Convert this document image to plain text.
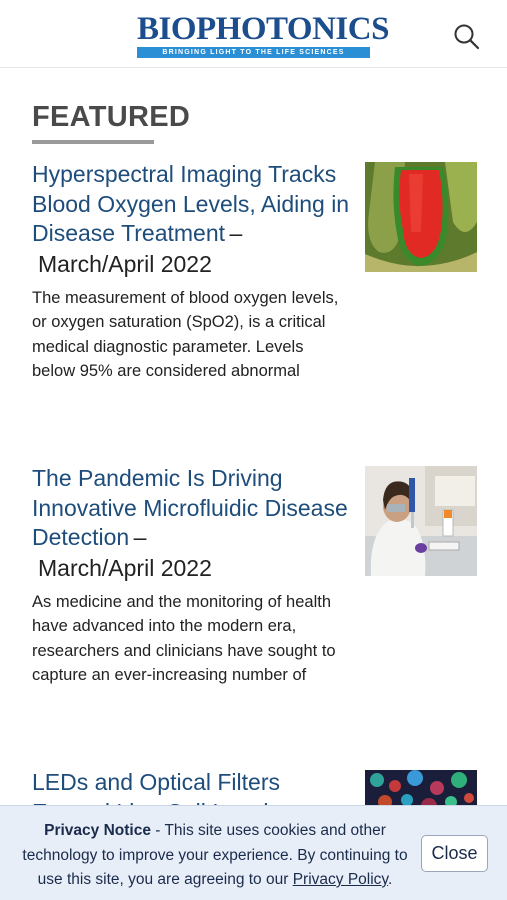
BIOPHOTONICS
BRINGING LIGHT TO THE LIFE SCIENCES
FEATURED
Hyperspectral Imaging Tracks Blood Oxygen Levels, Aiding in Disease Treatment –
March/April 2022

The measurement of blood oxygen levels, or oxygen saturation (SpO2), is a critical medical diagnostic parameter. Levels below 95% are considered abnormal

The Pandemic Is Driving Innovative Microfluidic Disease Detection –
March/April 2022

As medicine and the monitoring of health have advanced into the modern era, researchers and clinicians have sought to capture an ever-increasing number of

LEDs and Optical Filters

Privacy Notice - This site uses cookies and other technology to improve your experience. By continuing to use this site, you are agreeing to our Privacy Policy.

Close
